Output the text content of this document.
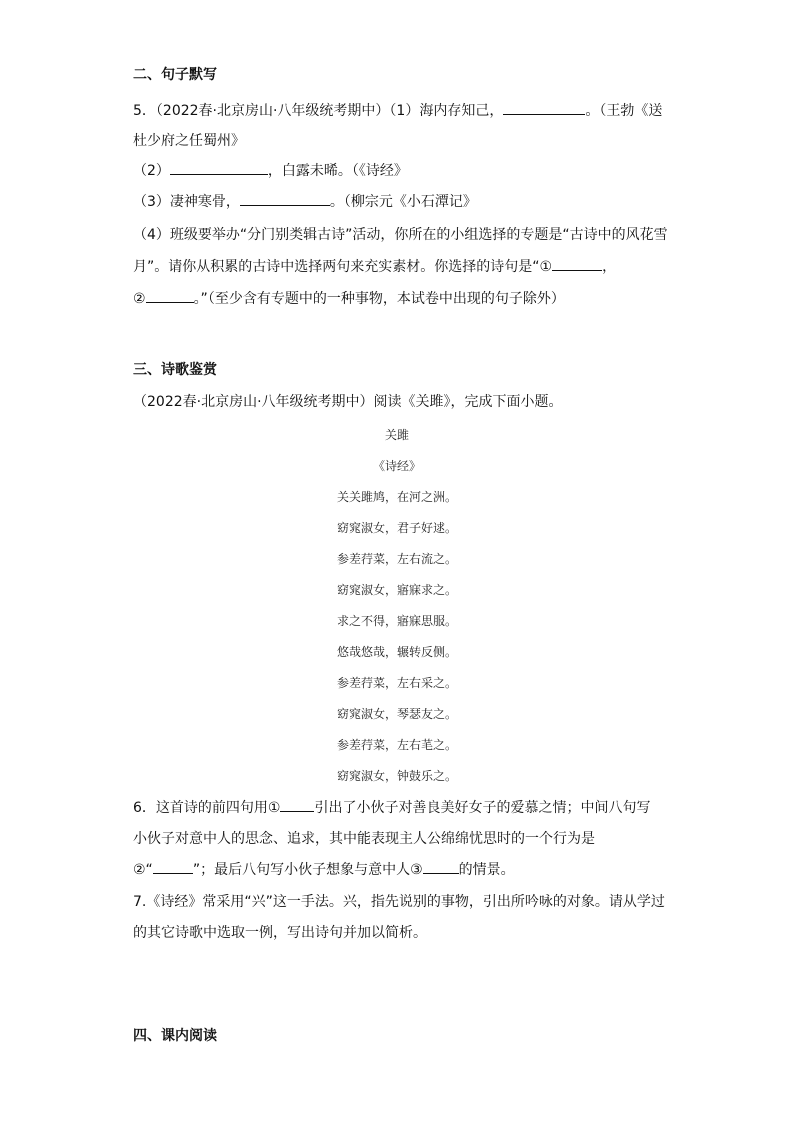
二、句子默写
5．（2022春·北京房山·八年级统考期中）（1）海内存知己，	。（王勃《送
杜少府之任蜀州》
（2）	，白露未晞。（《诗经》
（3）凄神寒骨，	。（柳宗元《小石潭记》
（4）班级要举办“分门别类辑古诗”活动，你所在的小组选择的专题是“古诗中的风花雪
月”。请你从积累的古诗中选择两句来充实素材。你选择的诗句是“①	，
②	。”（至少含有专题中的一种事物，本试卷中出现的句子除外）
三、诗歌鉴赏
（2022春·北京房山·八年级统考期中）阅读《关雎》，完成下面小题。
关雎
《诗经》
关关雎鸠，在河之洲。
窈窕淑女，君子好逑。
参差荇菜，左右流之。
窈窕淑女，寤寐求之。
求之不得，寤寐思服。
悠哉悠哉，辗转反侧。
参差荇菜，左右采之。
窈窕淑女，琴瑟友之。
参差荇菜，左右芼之。
窈窕淑女，钟鼓乐之。
6．这首诗的前四句用① 引出了小伙子对善良美好女子的爱慕之情；中间八句写
小伙子对意中人的思念、追求，其中能表现主人公绵绵忧思时的一个行为是
②“	”；最后八句写小伙子想象与意中人③	的情景。
7.《诗经》常采用“兴”这一手法。兴，指先说别的事物，引出所吟咏的对象。请从学过
的其它诗歌中选取一例，写出诗句并加以简析。
四、课内阅读
